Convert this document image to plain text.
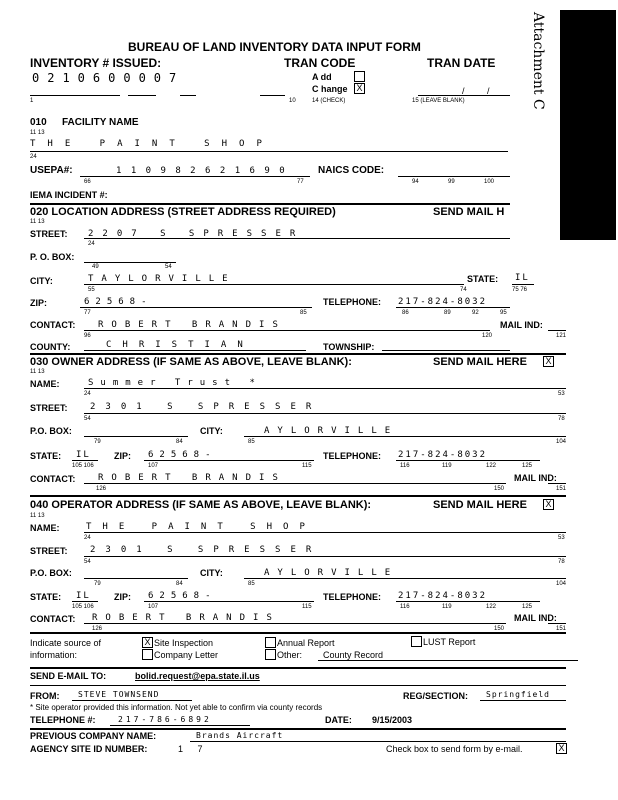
Attachment C
BUREAU OF LAND INVENTORY DATA INPUT FORM
INVENTORY # ISSUED:	TRAN CODE	TRAN DATE
0210600007
1	10
A dd
C hange X
14 (CHECK)
/ /
15 (LEAVE BLANK)
010 FACILITY NAME
11 13
THE PAINT SHOP
24
USEPA#:	1 1 0 9 8 2 6 2 1 6 9 0
66	77
NAICS CODE:
94	99	100
IEMA INCIDENT #:
020 LOCATION ADDRESS (STREET ADDRESS REQUIRED)	SEND MAIL H
11 13
STREET: 2207 S SPRESSER
24
P. O. BOX:
49	54
CITY:	TAYLORVILLE
55	74
STATE: IL
75 76
ZIP:	62568-
77	85
TELEPHONE: 217-824-8032
86	89	92	95
CONTACT:	ROBERT BRANDIS
96	120
MAIL IND:
121
COUNTY:	CHRISTIAN	TOWNSHIP:
030 OWNER ADDRESS (IF SAME AS ABOVE, LEAVE BLANK):	SEND MAIL HERE X
11 13
NAME:	Summer Trust *
24	53
STREET: 2301 S SPRESSER
54	78
P.O. BOX:
79	84
CITY:	AYLORVILLE
85	104
STATE: IL
105 106
ZIP: 62568-
107	115
TELEPHONE: 217-824-8032
116	119	122	125
CONTACT:	ROBERT BRANDIS
126	150
MAIL IND:
151
040 OPERATOR ADDRESS (IF SAME AS ABOVE, LEAVE BLANK):	SEND MAIL HERE X
11 13
NAME:	THE PAINT SHOP
24	53
STREET: 2301 S SPRESSER
54	78
P.O. BOX:
79	84
CITY:	AYLORVILLE
85	104
STATE: IL
105 106
ZIP: 62568-
107	115
TELEPHONE: 217-824-8032
116	119	122	125
CONTACT: ROBERT BRANDIS
126	150
MAIL IND:
151
Indicate source of
information:
X Site Inspection	Annual Report	LUST Report
Company Letter	Other: County Record
SEND E-MAIL TO:	bolid.request@epa.state.il.us
FROM: STEVE TOWNSEND	REG/SECTION: Springfield
* Site operator provided this information. Not yet able to confirm via county records
TELEPHONE #:	217-786-6892	DATE: 9/15/2003
PREVIOUS COMPANY NAME:	Brands Aircraft
AGENCY SITE ID NUMBER:	1 7	Check box to send form by e-mail.	X
